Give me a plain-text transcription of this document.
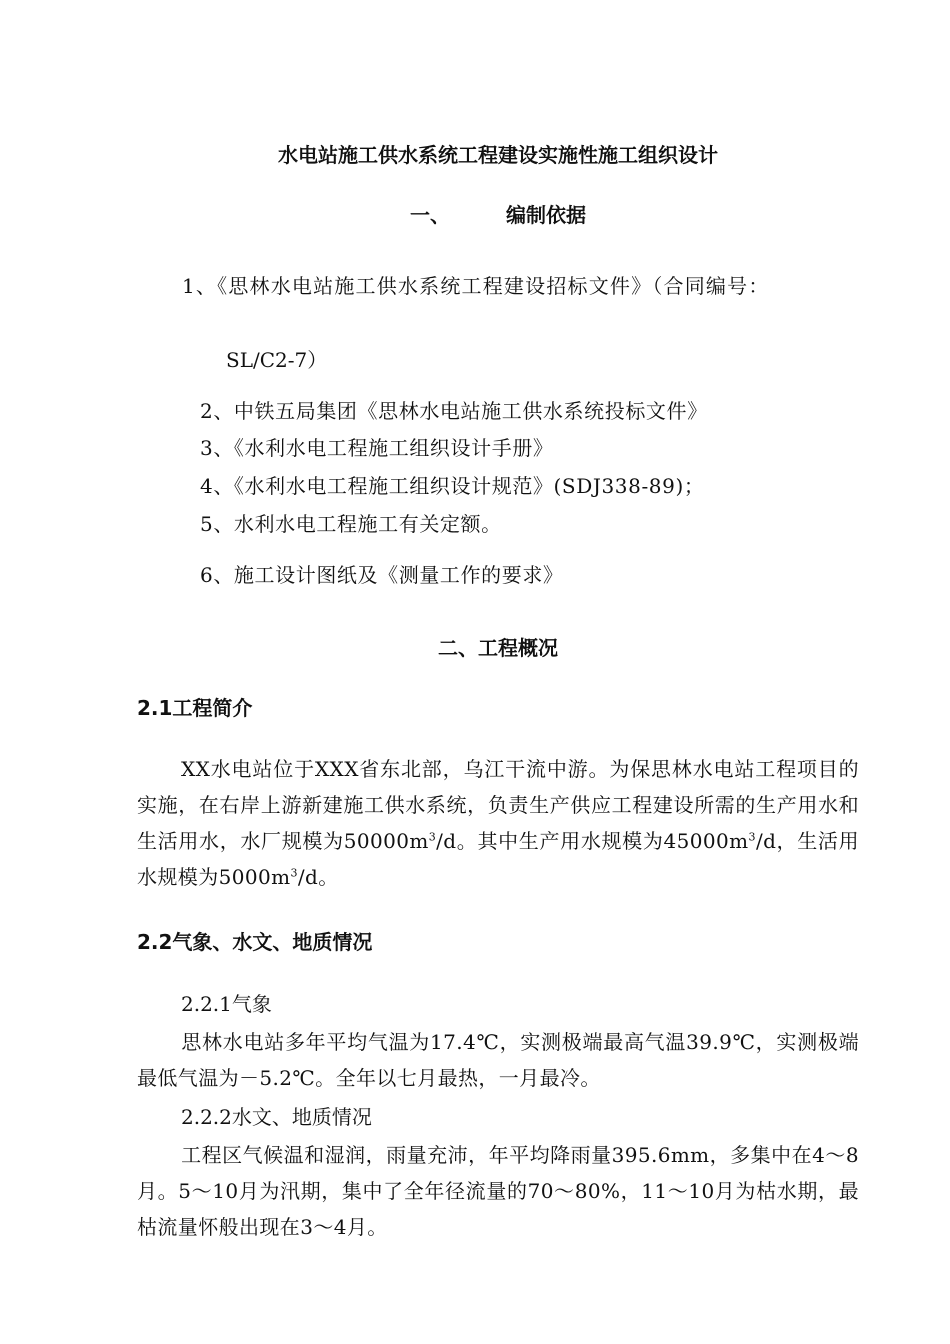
水电站施工供水系统工程建设实施性施工组织设计
一、	编制依据
1、《思林水电站施工供水系统工程建设招标文件》（合同编号：
SL/C2-7）
2、中铁五局集团《思林水电站施工供水系统投标文件》
3、《水利水电工程施工组织设计手册》
4、《水利水电工程施工组织设计规范》(SDJ338-89)；
5、水利水电工程施工有关定额。
6、施工设计图纸及《测量工作的要求》
二、工程概况
2.1工程简介
XX水电站位于XXX省东北部，乌江干流中游。为保思林水电站工程项目的实施，在右岸上游新建施工供水系统，负责生产供应工程建设所需的生产用水和生活用水，水厂规模为$50000m^3/d$。其中生产用水规模为$45000m^3/d$，生活用水规模为$5000m^3/d$。
2.2气象、水文、地质情况
2.2.1气象
思林水电站多年平均气温为17.4℃，实测极端最高气温39.9℃，实测极端最低气温为－5.2℃。全年以七月最热，一月最冷。
2.2.2水文、地质情况
工程区气候温和湿润，雨量充沛，年平均降雨量395.6mm，多集中在4～8月。5～10月为汛期，集中了全年径流量的70～80%，11～10月为枯水期，最枯流量怀般出现在3～4月。
